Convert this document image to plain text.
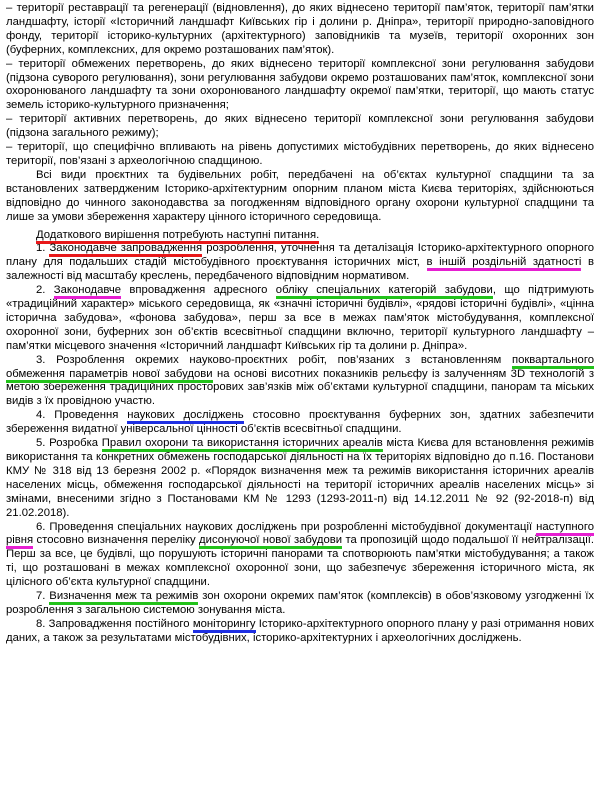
– території реставрації та регенерації (відновлення), до яких віднесено території пам’яток, території пам’ятки ландшафту, історії «Історичний ландшафт Київських гір і долини р. Дніпра», території природно-заповідного фонду, території історико-культурних (архітектурного) заповідників та музеїв, території охоронних зон (буферних, комплексних, для окремо розташованих пам’яток).

– території обмежених перетворень, до яких віднесено території комплексної зони регулювання забудови (підзона суворого регулювання), зони регулювання забудови окремо розташованих пам’яток, комплексної зони охоронюваного ландшафту та зони охоронюваного ландшафту окремої пам’ятки, території, що мають статус земель історико-культурного призначення;

– території активних перетворень, до яких віднесено території комплексної зони регулювання забудови (підзона загального режиму);

– території, що специфічно впливають на рівень допустимих містобудівних перетворень, до яких віднесено території, пов’язані з археологічною спадщиною.

Всі види проєктних та будівельних робіт, передбачені на об’єктах культурної спадщини та за встановлених затвердженим Історико-архітектурним опорним планом міста Києва територіях, здійснюються відповідно до чинного законодавства за погодженням відповідного органу охорони культурної спадщини та лише за умови збереження характеру цінного історичного середовища.

Додаткового вирішення потребують наступні питання.

1. Законодавче запровадження розроблення, уточнення та деталізація Історико-архітектурного опорного плану для подальших стадій містобудівного проєктування історичних міст, в іншій роздільній здатності в залежності від масштабу креслень, передбаченого відповідним нормативом.

2. Законодавче впровадження адресного обліку спеціальних категорій забудови, що підтримують «традиційний характер» міського середовища, як «значні історичні будівлі», «рядові історичні будівлі», «цінна історична забудова», «фонова забудова», перш за все в межах пам’яток містобудування, комплексної охоронної зони, буферних зон об’єктів всесвітньої спадщини включно, території культурного ландшафту – пам’ятки місцевого значення «Історичний ландшафт Київських гір та долини р. Дніпра».

3. Розроблення окремих науково-проєктних робіт, пов’язаних з встановленням поквартального обмеження параметрів нової забудови на основі висотних показників рельєфу із залученням 3D технологій з метою збереження традиційних просторових зав’язків між об’єктами культурної спадщини, панорам та міських видів з їх провідною участю.

4. Проведення наукових досліджень стосовно проєктування буферних зон, здатних забезпечити збереження видатної універсальної цінності об’єктів всесвітньої спадщини.

5. Розробка Правил охорони та використання історичних ареалів міста Києва для встановлення режимів використання та конкретних обмежень господарської діяльності на їх територіях відповідно до п.16. Постанови КМУ № 318 від 13 березня 2002 р. «Порядок визначення меж та режимів використання історичних ареалів населених місць, обмеження господарської діяльності на території історичних ареалів населених місць» зі змінами, внесеними згідно з Постановами КМ № 1293 (1293-2011-п) від 14.12.2011 № 92 (92-2018-п) від 21.02.2018).

6. Проведення спеціальних наукових досліджень при розробленні містобудівної документації наступного рівня стосовно визначення переліку дисонуючої нової забудови та пропозицій щодо подальшої її нейтралізації. Перш за все, це будівлі, що порушують історичні панорами та спотворюють пам’ятки містобудування; а також ті, що розташовані в межах комплексної охоронної зони, що забезпечує збереження історичного міста, як цілісного об’єкта культурної спадщини.

7. Визначення меж та режимів зон охорони окремих пам’яток (комплексів) в обов’язковому узгодженні їх розроблення з загальною системою зонування міста.

8. Запровадження постійного моніторингу Історико-архітектурного опорного плану у разі отримання нових даних, а також за результатами містобудівних, історико-архітектурних і археологічних досліджень.
